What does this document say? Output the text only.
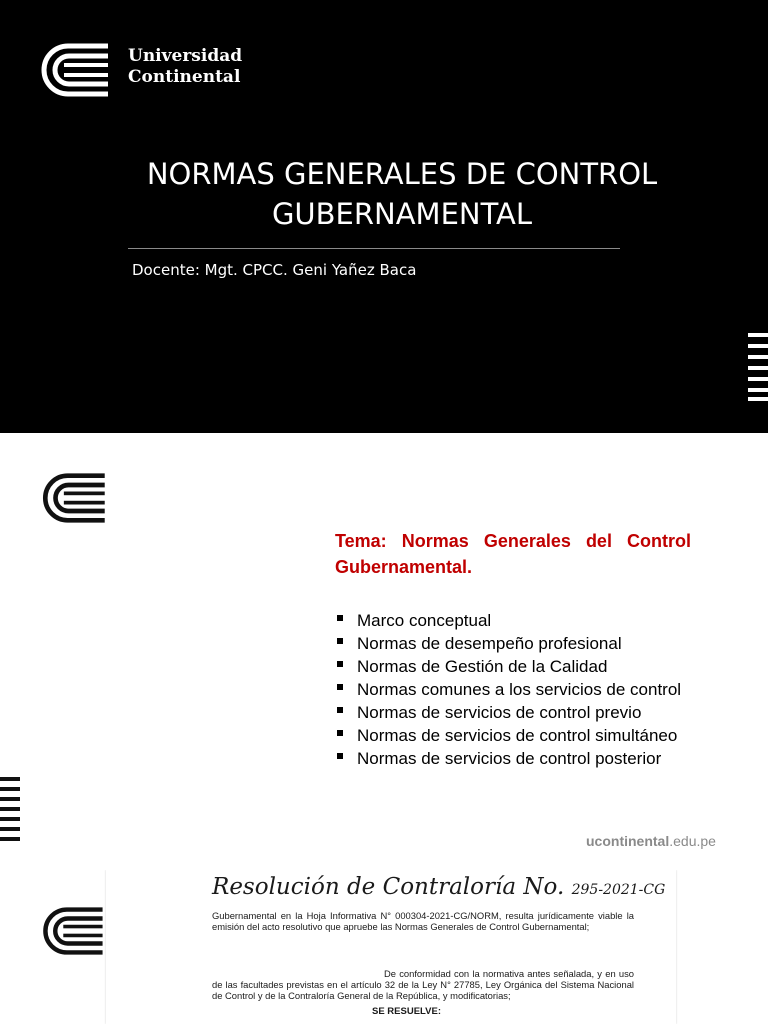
Universidad
Continental
NORMAS GENERALES DE CONTROL
GUBERNAMENTAL
Docente: Mgt. CPCC. Geni Yañez Baca
Tema: Normas Generales del Control
Gubernamental.
Marco conceptual
Normas de desempeño profesional
Normas de Gestión de la Calidad
Normas comunes a los servicios de control
Normas de servicios de control previo
Normas de servicios de control simultáneo
Normas de servicios de control posterior
ucontinental.edu.pe
Resolución de Contraloría No. 295-2021-CG

Gubernamental en la Hoja Informativa N° 000304-2021-CG/NORM, resulta jurídicamente viable la emisión del acto resolutivo que apruebe las Normas Generales de Control Gubernamental;

De conformidad con la normativa antes señalada, y en uso de las facultades previstas en el artículo 32 de la Ley N° 27785, Ley Orgánica del Sistema Nacional de Control y de la Contraloría General de la República, y modificatorias;

SE RESUELVE:
